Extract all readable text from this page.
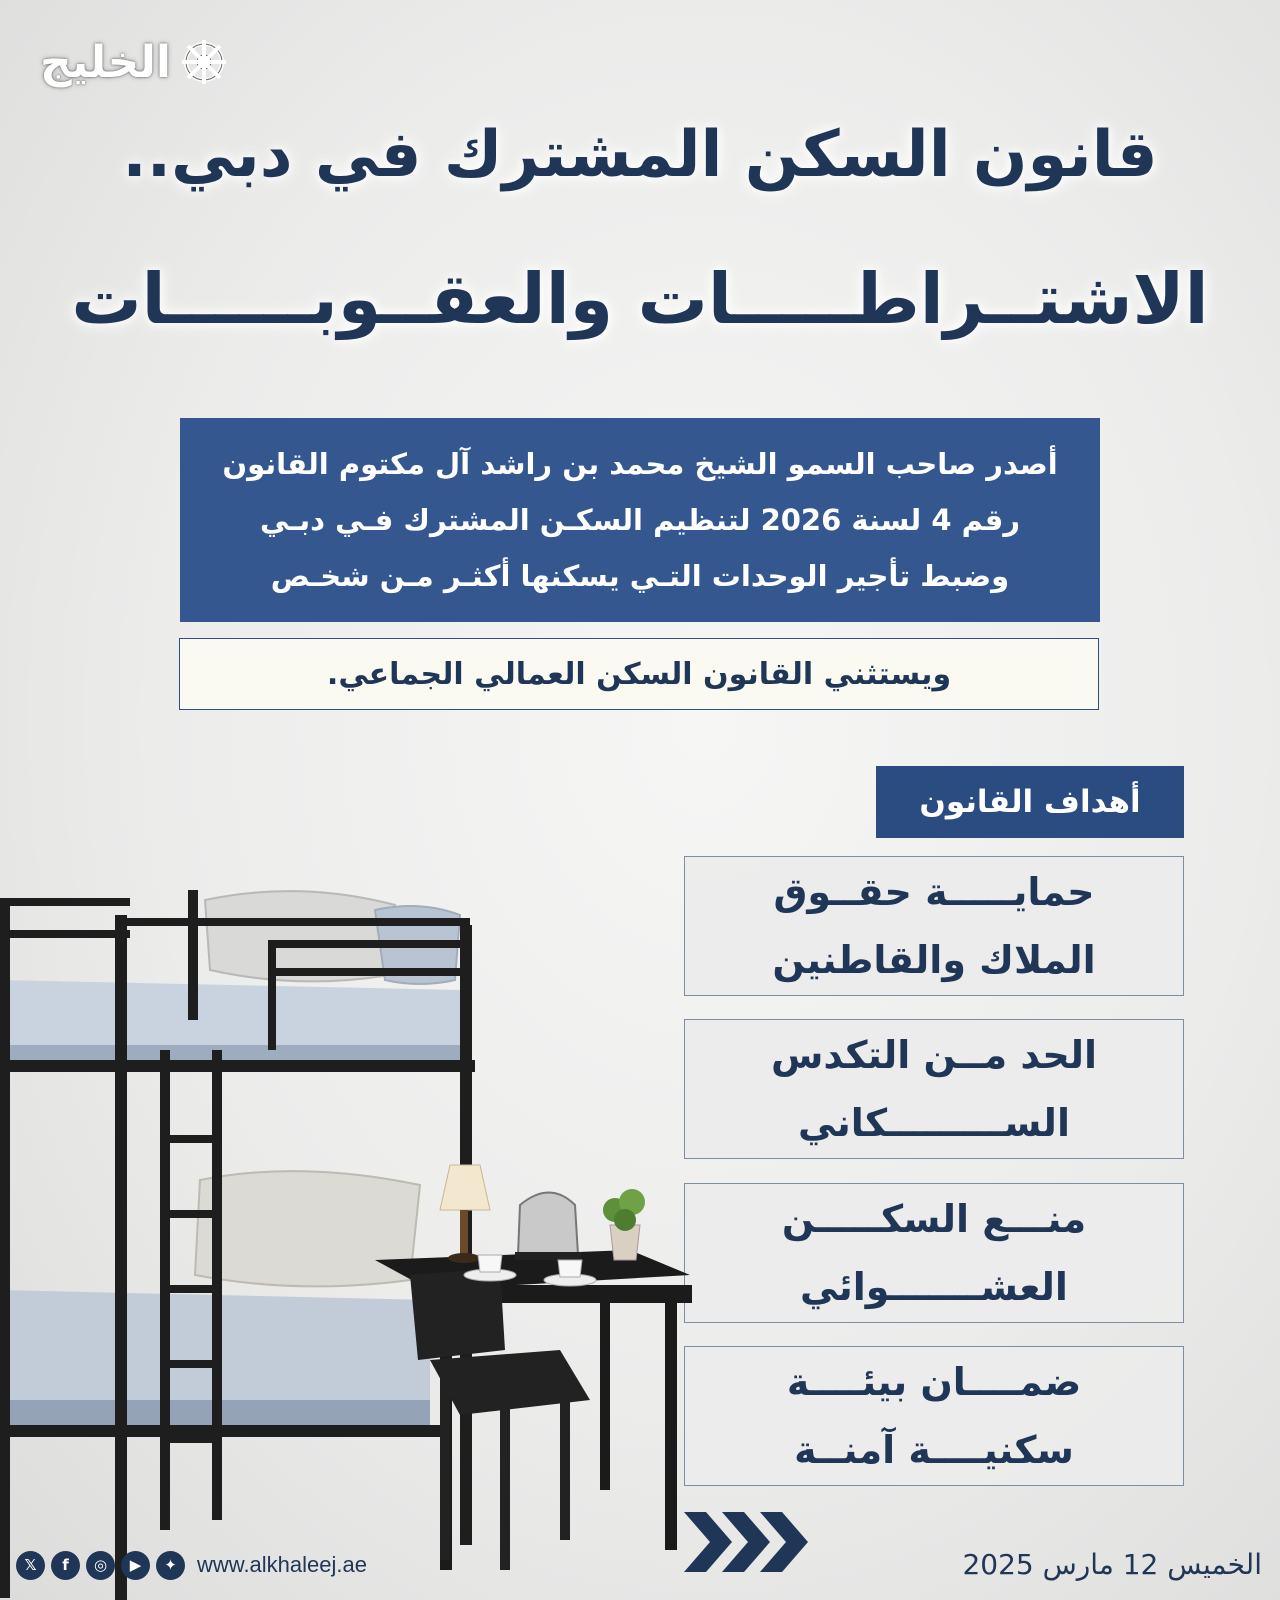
الخليج
قانون السكن المشترك في دبي..
الاشتــراطـــــات والعقــوبــــــات
أصدر صاحب السمو الشيخ محمد بن راشد آل مكتوم القانون
رقم 4 لسنة 2026 لتنظيم السكـن المشترك فـي دبـي
وضبط تأجير الوحدات التـي يسكنها أكثـر مـن شخـص
ويستثني القانون السكن العمالي الجماعي.
أهداف القانون
حمايـــــة حقــوق
الملاك والقاطنين
الحد مــن التكدس
الســـــــــكاني
منـــع السكـــــن
العشـــــــوائي
ضمــــان بيئــــة
سكنيــــة آمنــة
𝕏	f	◎	▶	✦ www.alkhaleej.ae	الخميس 12 مارس 2025
